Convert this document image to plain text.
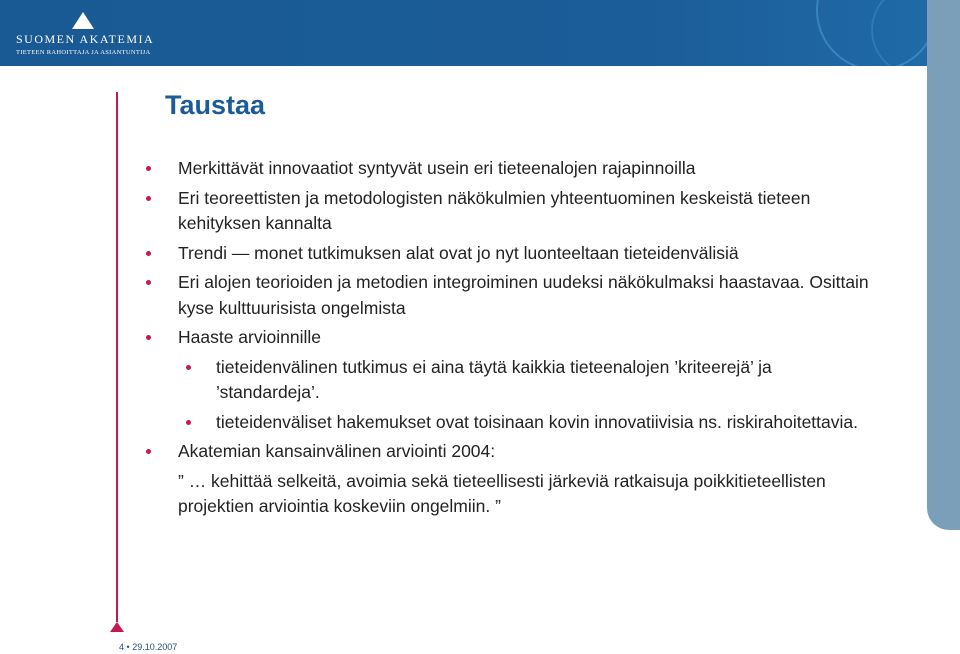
SUOMEN AKATEMIA
TIETEEN RAHOITTAJA JA ASIANTUNTIJA
Taustaa
Merkittävät innovaatiot syntyvät usein eri tieteenalojen rajapinnoilla
Eri teoreettisten ja metodologisten näkökulmien yhteentuominen keskeistä tieteen kehityksen kannalta
Trendi — monet tutkimuksen alat ovat jo nyt luonteeltaan tieteidenvälisiä
Eri alojen teorioiden ja metodien integroiminen uudeksi näkökulmaksi haastavaa. Osittain kyse kulttuurisista ongelmista
Haaste arvioinnille
tieteidenvälinen tutkimus ei aina täytä kaikkia tieteenalojen ’kriteerejä’ ja ’standardeja’.
tieteidenväliset hakemukset ovat toisinaan kovin innovatiivisia ns. riskirahoitettavia.
Akatemian kansainvälinen arviointi 2004:
” … kehittää selkeitä, avoimia sekä tieteellisesti järkeviä ratkaisuja poikkitieteellisten projektien arviointia koskeviin ongelmiin. ”
4 • 29.10.2007
